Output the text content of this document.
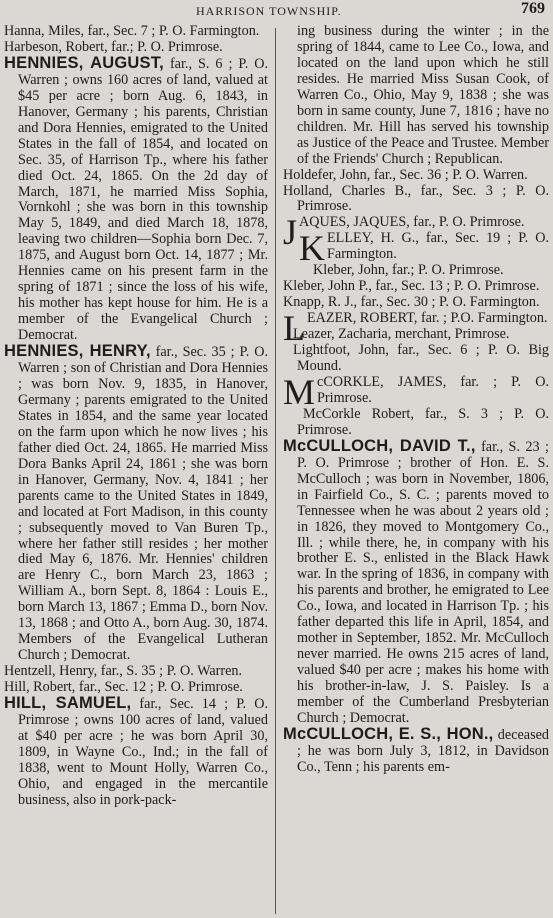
HARRISON TOWNSHIP.	769

Hanna, Miles, far., Sec. 7 ; P. O. Farmington.

Harbeson, Robert, far.; P. O. Primrose.

HENNIES, AUGUST, far., S. 6 ; P. O. Warren ; owns 160 acres of land, valued at $45 per acre ; born Aug. 6, 1843, in Hanover, Germany ; his parents, Christian and Dora Hennies, emigrated to the United States in the fall of 1854, and located on Sec. 35, of Harrison Tp., where his father died Oct. 24, 1865. On the 2d day of March, 1871, he married Miss Sophia, Vornkohl ; she was born in this township May 5, 1849, and died March 18, 1878, leaving two children—Sophia born Dec. 7, 1875, and August born Oct. 14, 1877 ; Mr. Hennies came on his present farm in the spring of 1871 ; since the loss of his wife, his mother has kept house for him. He is a member of the Evangelical Church ; Democrat.

HENNIES, HENRY, far., Sec. 35 ; P. O. Warren ; son of Christian and Dora Hennies ; was born Nov. 9, 1835, in Hanover, Germany ; parents emigrated to the United States in 1854, and the same year located on the farm upon which he now lives ; his father died Oct. 24, 1865. He married Miss Dora Banks April 24, 1861 ; she was born in Hanover, Germany, Nov. 4, 1841 ; her parents came to the United States in 1849, and located at Fort Madison, in this county ; subsequently moved to Van Buren Tp., where her father still resides ; her mother died May 6, 1876. Mr. Hennies' children are Henry C., born March 23, 1863 ; William A., born Sept. 8, 1864 : Louis E., born March 13, 1867 ; Emma D., born Nov. 13, 1868 ; and Otto A., born Aug. 30, 1874. Members of the Evangelical Lutheran Church ; Democrat.

Hentzell, Henry, far., S. 35 ; P. O. Warren.

Hill, Robert, far., Sec. 12 ; P. O. Primrose.

HILL, SAMUEL, far., Sec. 14 ; P. O. Primrose ; owns 100 acres of land, valued at $40 per acre ; he was born April 30, 1809, in Wayne Co., Ind.; in the fall of 1838, went to Mount Holly, Warren Co., Ohio, and engaged in the mercantile business, also in pork-pack-

ing business during the winter ; in the spring of 1844, came to Lee Co., Iowa, and located on the land upon which he still resides. He married Miss Susan Cook, of Warren Co., Ohio, May 9, 1838 ; she was born in same county, June 7, 1816 ; have no children. Mr. Hill has served his township as Justice of the Peace and Trustee. Member of the Friends' Church ; Republican.

Holdefer, John, far., Sec. 36 ; P. O. Warren.

Holland, Charles B., far., Sec. 3 ; P. O. Primrose.

JAQUES, JAQUES, far., P. O. Primrose.

KELLEY, H. G., far., Sec. 19 ; P. O. Farmington.

Kleber, John, far.; P. O. Primrose.

Kleber, John P., far., Sec. 13 ; P. O. Primrose.

Knapp, R. J., far., Sec. 30 ; P. O. Farmington.

LEAZER, ROBERT, far. ; P.O. Farmington.

Leazer, Zacharia, merchant, Primrose.

Lightfoot, John, far., Sec. 6 ; P. O. Big Mound.

McCORKLE, JAMES, far. ; P. O. Primrose.

McCorkle Robert, far., S. 3 ; P. O. Primrose.

McCULLOCH, DAVID T., far., S. 23 ; P. O. Primrose ; brother of Hon. E. S. McCulloch ; was born in November, 1806, in Fairfield Co., S. C. ; parents moved to Tennessee when he was about 2 years old ; in 1826, they moved to Montgomery Co., Ill. ; while there, he, in company with his brother E. S., enlisted in the Black Hawk war. In the spring of 1836, in company with his parents and brother, he emigrated to Lee Co., Iowa, and located in Harrison Tp. ; his father departed this life in April, 1854, and mother in September, 1852. Mr. McCulloch never married. He owns 215 acres of land, valued $40 per acre ; makes his home with his brother-in-law, J. S. Paisley. Is a member of the Cumberland Presbyterian Church ; Democrat.

McCULLOCH, E. S., HON., deceased ; he was born July 3, 1812, in Davidson Co., Tenn ; his parents em-
